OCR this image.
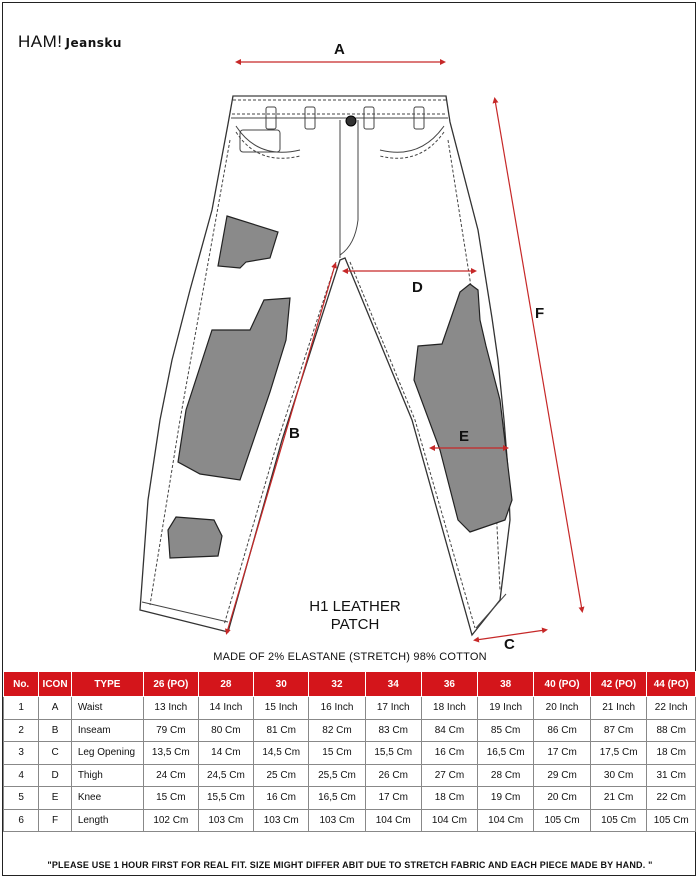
HAM! Jeansku	A
D
E
F
B
C
H1 LEATHER
PATCH
MADE OF 2% ELASTANE (STRETCH) 98% COTTON
No.	ICON	TYPE	26 (PO)	28	30	32	34	36	38	40 (PO)	42 (PO)	44 (PO)
1	A	Waist	13 Inch	14 Inch	15 Inch	16 Inch	17 Inch	18 Inch	19 Inch	20 Inch	21 Inch	22 Inch
2	B	Inseam	79 Cm	80 Cm	81 Cm	82 Cm	83 Cm	84 Cm	85 Cm	86 Cm	87 Cm	88 Cm
3	C	Leg Opening	13,5 Cm	14 Cm	14,5 Cm	15 Cm	15,5 Cm	16 Cm	16,5 Cm	17 Cm	17,5 Cm	18 Cm
4	D	Thigh	24 Cm	24,5 Cm	25 Cm	25,5 Cm	26 Cm	27 Cm	28 Cm	29 Cm	30 Cm	31 Cm
5	E	Knee	15 Cm	15,5 Cm	16 Cm	16,5 Cm	17 Cm	18 Cm	19 Cm	20 Cm	21 Cm	22 Cm
6	F	Length	102 Cm	103 Cm	103 Cm	103 Cm	104 Cm	104 Cm	104 Cm	105 Cm	105 Cm	105 Cm
"PLEASE USE 1 HOUR FIRST FOR REAL FIT. SIZE MIGHT DIFFER ABIT DUE TO STRETCH FABRIC AND EACH PIECE MADE BY HAND. "
